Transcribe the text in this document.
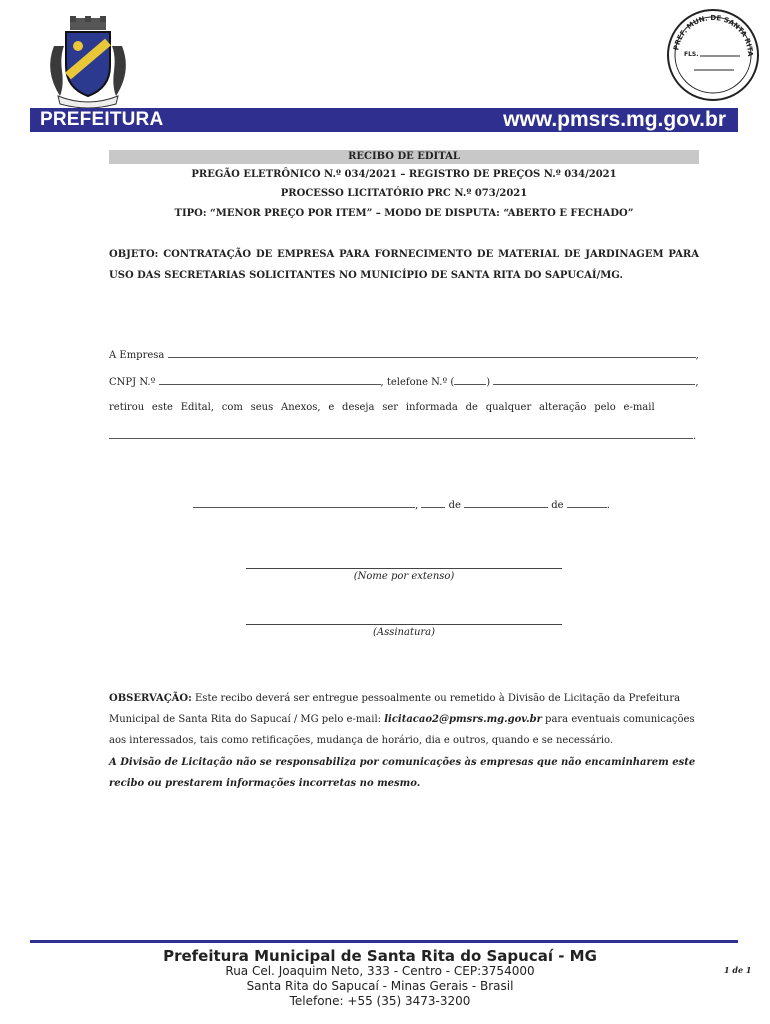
PREF. MUN. DE SANTA RITA
FLS.
PREFEITURA	www.pmsrs.mg.gov.br
RECIBO DE EDITAL
PREGÃO ELETRÔNICO N.º 034/2021 – REGISTRO DE PREÇOS N.º 034/2021
PROCESSO LICITATÓRIO PRC N.º 073/2021
TIPO: “MENOR PREÇO POR ITEM” – MODO DE DISPUTA: “ABERTO E FECHADO”
OBJETO: CONTRATAÇÃO DE EMPRESA PARA FORNECIMENTO DE MATERIAL DE JARDINAGEM PARA USO DAS SECRETARIAS SOLICITANTES NO MUNICÍPIO DE SANTA RITA DO SAPUCAÍ/MG.
A Empresa	,
CNPJ N.º	, telefone N.º (	)	,
retirou este Edital, com seus Anexos, e deseja ser informada de qualquer alteração pelo e-mail
.
,	de	de	.
(Nome por extenso)
(Assinatura)
OBSERVAÇÃO: Este recibo deverá ser entregue pessoalmente ou remetido à Divisão de Licitação da Prefeitura Municipal de Santa Rita do Sapucaí / MG pelo e-mail: licitacao2@pmsrs.mg.gov.br para eventuais comunicações aos interessados, tais como retificações, mudança de horário, dia e outros, quando e se necessário.
A Divisão de Licitação não se responsabiliza por comunicações às empresas que não encaminharem este recibo ou prestarem informações incorretas no mesmo.
Prefeitura Municipal de Santa Rita do Sapucaí - MG
Rua Cel. Joaquim Neto, 333 - Centro - CEP:3754000
Santa Rita do Sapucaí - Minas Gerais - Brasil
Telefone: +55 (35) 3473-3200
1 de 1
